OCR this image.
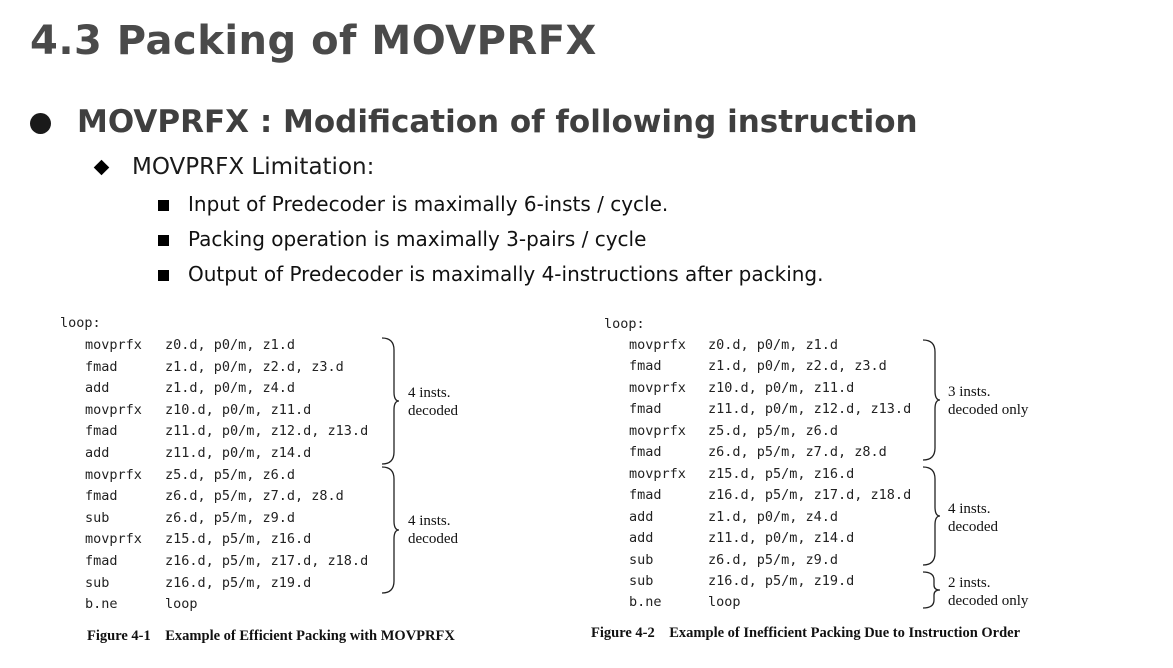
4.3 Packing of MOVPRFX
MOVPRFX : Modification of following instruction
MOVPRFX Limitation:
Input of Predecoder is maximally 6-insts / cycle.
Packing operation is maximally 3-pairs / cycle
Output of Predecoder is maximally 4-instructions after packing.
loop:
movprfx z0.d, p0/m, z1.d
fmad	z1.d, p0/m, z2.d, z3.d
add	z1.d, p0/m, z4.d
movprfx z10.d, p0/m, z11.d
fmad	z11.d, p0/m, z12.d, z13.d
add	z11.d, p0/m, z14.d
movprfx z5.d, p5/m, z6.d
fmad	z6.d, p5/m, z7.d, z8.d
sub	z6.d, p5/m, z9.d
movprfx z15.d, p5/m, z16.d
fmad	z16.d, p5/m, z17.d, z18.d
sub	z16.d, p5/m, z19.d
b.ne	loop
4 insts.
decoded
4 insts.
decoded
Figure 4-1    Example of Efficient Packing with MOVPRFX
loop:
movprfx z0.d, p0/m, z1.d
fmad	z1.d, p0/m, z2.d, z3.d
movprfx z10.d, p0/m, z11.d
fmad	z11.d, p0/m, z12.d, z13.d
movprfx z5.d, p5/m, z6.d
fmad	z6.d, p5/m, z7.d, z8.d
movprfx z15.d, p5/m, z16.d
fmad	z16.d, p5/m, z17.d, z18.d
add	z1.d, p0/m, z4.d
add	z11.d, p0/m, z14.d
sub	z6.d, p5/m, z9.d
sub	z16.d, p5/m, z19.d
b.ne	loop
3 insts.
decoded only
4 insts.
decoded
2 insts.
decoded only
Figure 4-2    Example of Inefficient Packing Due to Instruction Order
